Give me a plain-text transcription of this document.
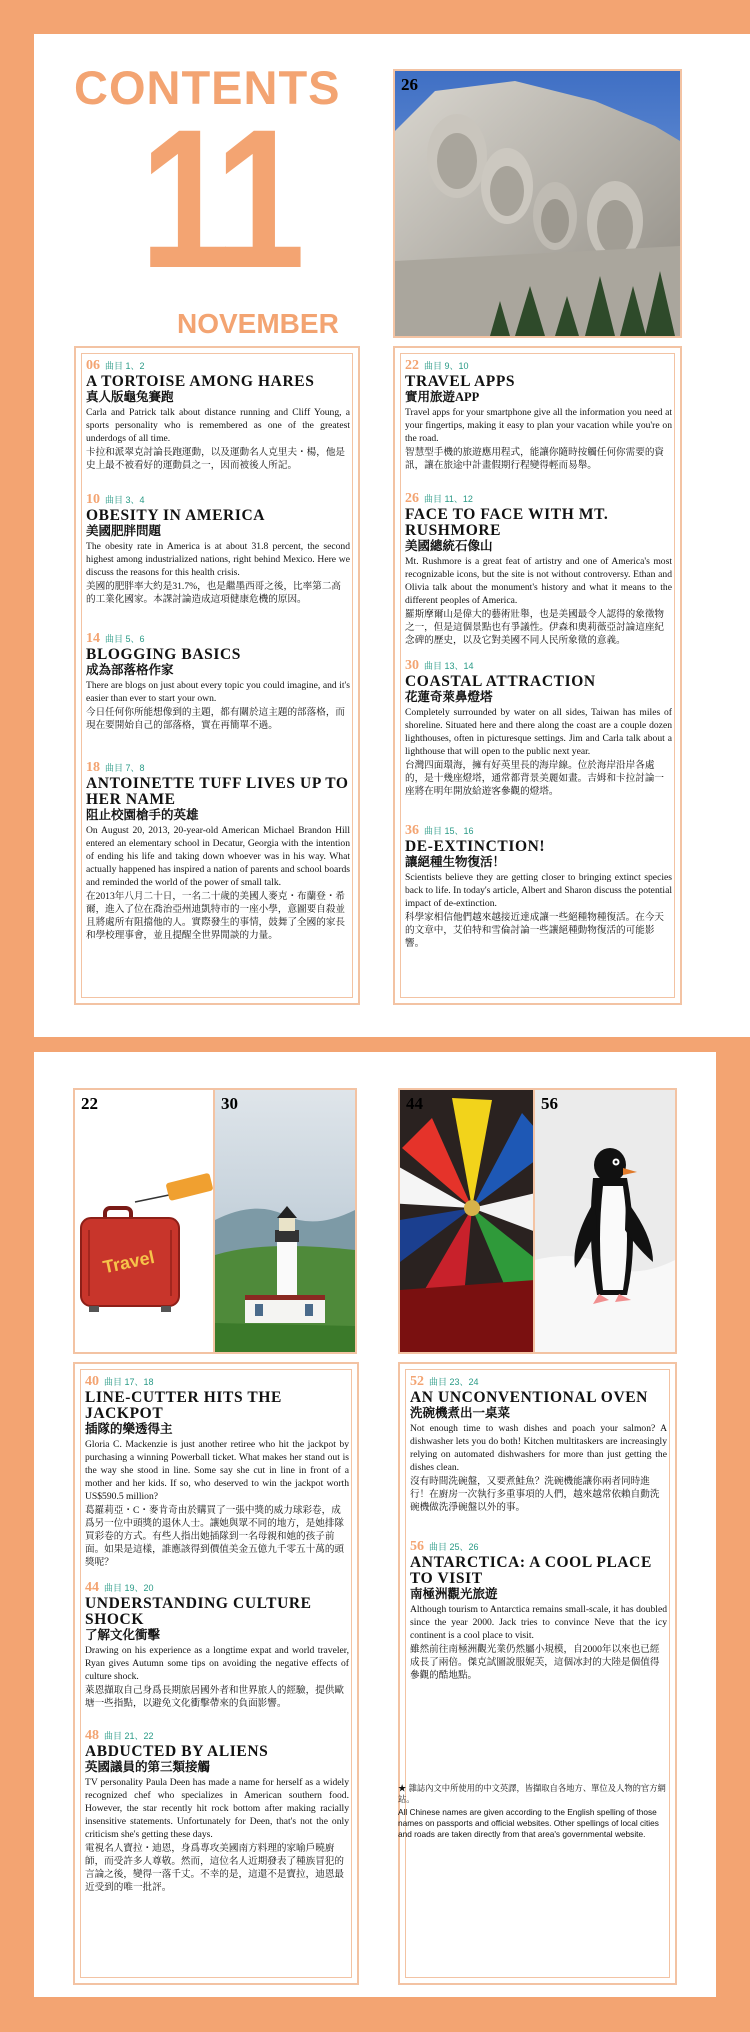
CONTENTS
11
NOVEMBER
26
06 曲目 1、2
A TORTOISE AMONG HARES
真人版龜兔賽跑
Carla and Patrick talk about distance running and Cliff Young, a sports personality who is remembered as one of the greatest underdogs of all time.
卡拉和派翠克討論長跑運動，以及運動名人克里夫・楊，他是史上最不被看好的運動員之一，因而被後人所記。
10 曲目 3、4
OBESITY IN AMERICA
美國肥胖問題
The obesity rate in America is at about 31.8 percent, the second highest among industrialized nations, right behind Mexico. Here we discuss the reasons for this health crisis.
美國的肥胖率大約是31.7%，也是繼墨西哥之後，比率第二高的工業化國家。本課討論造成這項健康危機的原因。
14 曲目 5、6
BLOGGING BASICS
成為部落格作家
There are blogs on just about every topic you could imagine, and it's easier than ever to start your own.
今日任何你所能想像到的主題，都有關於這主題的部落格，而現在要開始自己的部落格，實在再簡單不過。
18 曲目 7、8
ANTOINETTE TUFF LIVES UP TO HER NAME
阻止校園槍手的英雄
On August 20, 2013, 20-year-old American Michael Brandon Hill entered an elementary school in Decatur, Georgia with the intention of ending his life and taking down whoever was in his way. What actually happened has inspired a nation of parents and school boards and reminded the world of the power of small talk.
在2013年八月二十日，一名二十歲的美國人麥克・布蘭登・希爾，進入了位在喬治亞州迪凱特市的一座小學，意圖要自殺並且將處所有阻擋他的人。實際發生的事情，鼓舞了全國的家長和學校理事會，並且提醒全世界閒談的力量。
22 曲目 9、10
TRAVEL APPS
實用旅遊APP
Travel apps for your smartphone give all the information you need at your fingertips, making it easy to plan your vacation while you're on the road.
智慧型手機的旅遊應用程式，能讓你隨時按觸任何你需要的資訊，讓在旅途中計畫假期行程變得輕而易舉。
26 曲目 11、12
FACE TO FACE WITH MT. RUSHMORE
美國總統石像山
Mt. Rushmore is a great feat of artistry and one of America's most recognizable icons, but the site is not without controversy. Ethan and Olivia talk about the monument's history and what it means to the different peoples of America.
羅斯摩爾山是偉大的藝術壯舉，也是美國最令人認得的象徵物之一，但是這個景點也有爭議性。伊森和奧莉薇亞討論這座紀念碑的歷史，以及它對美國不同人民所象徵的意義。
30 曲目 13、14
COASTAL ATTRACTION
花蓮奇萊鼻燈塔
Completely surrounded by water on all sides, Taiwan has miles of shoreline. Situated here and there along the coast are a couple dozen lighthouses, often in picturesque settings. Jim and Carla talk about a lighthouse that will open to the public next year.
台灣四面環海，擁有好英里長的海岸線。位於海岸沿岸各處的，是十幾座燈塔，通常都背景美麗如畫。吉姆和卡拉討論一座將在明年開放給遊客參觀的燈塔。
36 曲目 15、16
DE-EXTINCTION!
讓絕種生物復活！
Scientists believe they are getting closer to bringing extinct species back to life. In today's article, Albert and Sharon discuss the potential impact of de-extinction.
科學家相信他們越來越接近達成讓一些絕種物種復活。在今天的文章中，艾伯特和雪倫討論一些讓絕種動物復活的可能影響。
22
Travel
30	44	56
40 曲目 17、18
LINE-CUTTER HITS THE JACKPOT
插隊的樂透得主
Gloria C. Mackenzie is just another retiree who hit the jackpot by purchasing a winning Powerball ticket. What makes her stand out is the way she stood in line. Some say she cut in line in front of a mother and her kids. If so, who deserved to win the jackpot worth US$590.5 million?
葛羅莉亞・C・麥肯奇由於購買了一張中獎的威力球彩卷，成爲另一位中頭獎的退休人士。讓她與眾不同的地方，是她排隊買彩卷的方式。有些人指出她插隊到一名母親和她的孩子前面。如果是這樣，誰應該得到價值美金五億九千零五十萬的頭獎呢？
44 曲目 19、20
UNDERSTANDING CULTURE SHOCK
了解文化衝擊
Drawing on his experience as a longtime expat and world traveler, Ryan gives Autumn some tips on avoiding the negative effects of culture shock.
萊恩擷取自己身爲長期旅居國外者和世界旅人的經驗，提供歐塘一些指點，以避免文化衝擊帶來的負面影響。
48 曲目 21、22
ABDUCTED BY ALIENS
英國議員的第三類接觸
TV personality Paula Deen has made a name for herself as a widely recognized chef who specializes in American southern food. However, the star recently hit rock bottom after making racially insensitive statements. Unfortunately for Deen, that's not the only criticism she's getting these days.
電視名人寶拉・迪恩，身爲專攻美國南方料理的家喻戶曉廚師，而受許多人尊敬。然而，這位名人近期發表了種族冒犯的言論之後，變得一落千丈。不幸的是，這還不是寶拉，迪恩最近受到的唯一批評。
52 曲目 23、24
AN UNCONVENTIONAL OVEN
洗碗機煮出一桌菜
Not enough time to wash dishes and poach your salmon? A dishwasher lets you do both! Kitchen multitaskers are increasingly relying on automated dishwashers for more than just getting the dishes clean.
沒有時間洗碗盤，又要煮鮭魚？洗碗機能讓你兩者同時進行！在廚房一次執行多重事項的人們，越來越常依賴自動洗碗機做洗淨碗盤以外的事。
56 曲目 25、26
ANTARCTICA: A COOL PLACE TO VISIT
南極洲觀光旅遊
Although tourism to Antarctica remains small-scale, it has doubled since the year 2000. Jack tries to convince Neve that the icy continent is a cool place to visit.
雖然前往南極洲觀光業仍然屬小規模，自2000年以來也已經成長了兩倍。傑克試圖說服妮芙，這個冰封的大陸是個值得參觀的酷地點。
★ 雜誌內文中所使用的中文英譯，皆擷取自各地方、單位及人物的官方網站。
All Chinese names are given according to the English spelling of those names on passports and official websites. Other spellings of local cities and roads are taken directly from that area's governmental website.
